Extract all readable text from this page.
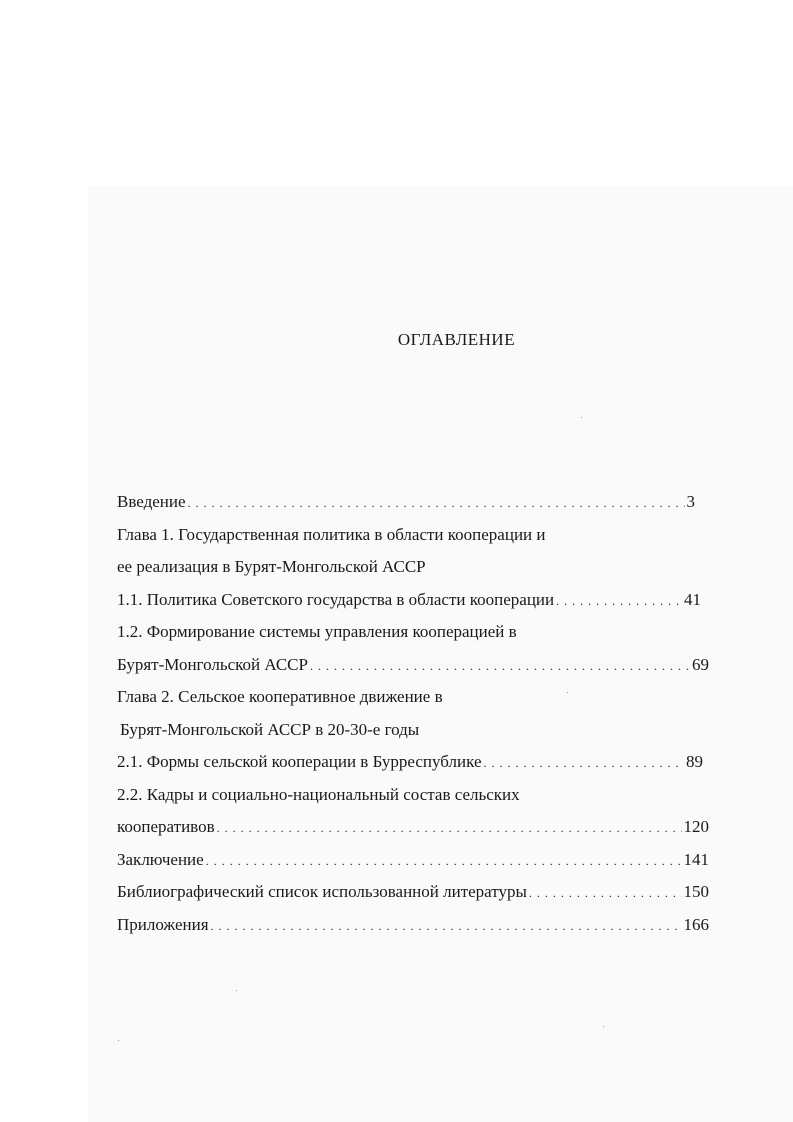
ОГЛАВЛЕНИЕ
Введение . . .	3
Глава 1. Государственная политика в области кооперации и
ее реализация в Бурят-Монгольской АССР
1.1. Политика Советского государства в области кооперации . . .	41
1.2. Формирование системы управления кооперацией в
Бурят-Монгольской АССР . . .	69
Глава 2. Сельское кооперативное движение в
Бурят-Монгольской АССР в 20-30-е годы
2.1. Формы сельской кооперации в Бурреспублике . . .	89
2.2. Кадры и социально-национальный состав сельских
кооперативов . . .	120
Заключение . . .	141
Библиографический список использованной литературы . . .	150
Приложения . . .	166
